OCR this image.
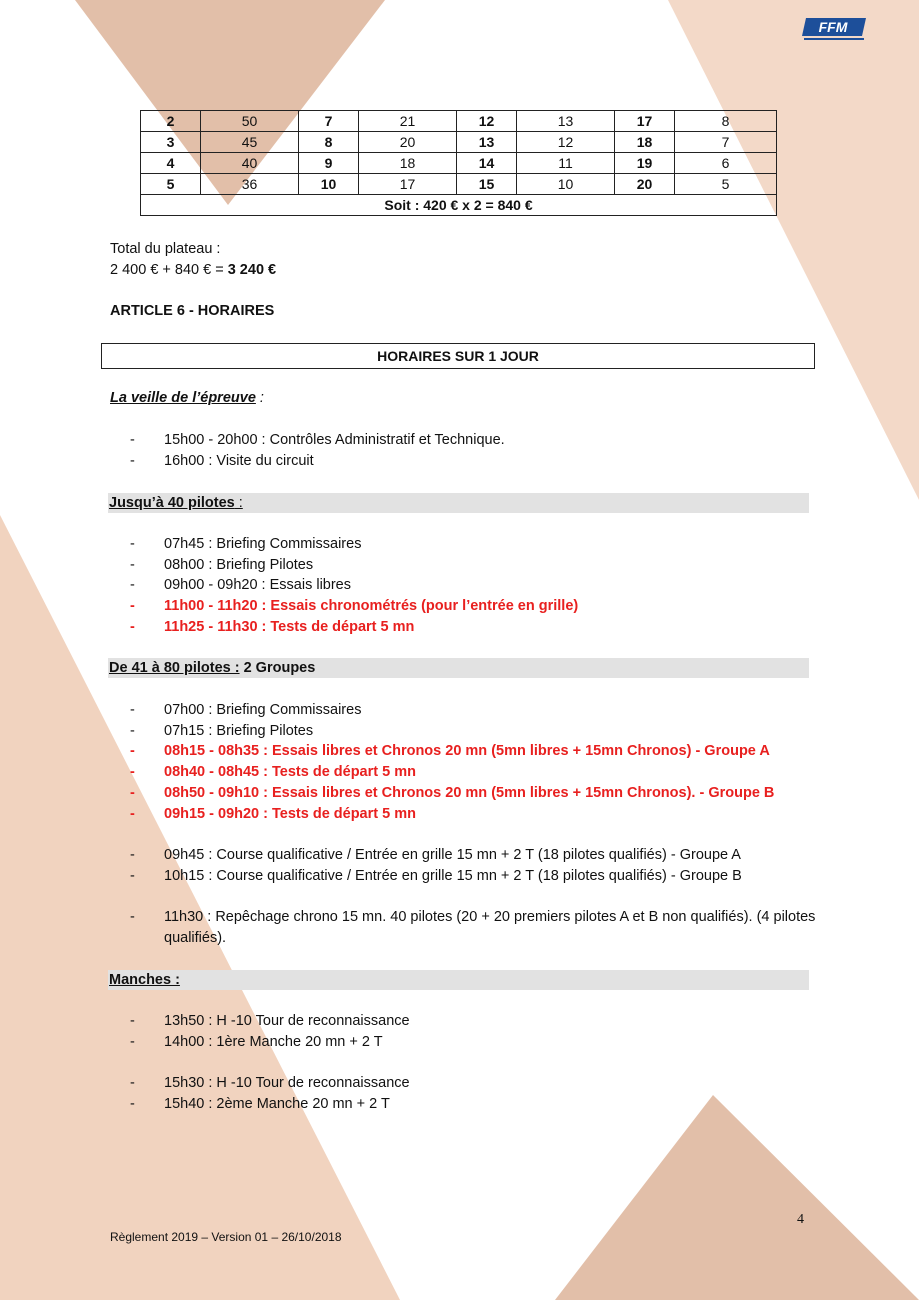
FFM
2	50	7	21	12	13	17	8
3	45	8	20	13	12	18	7
4	40	9	18	14	11	19	6
5	36	10	17	15	10	20	5
Soit : 420 € x 2 = 840 €							
Total du plateau :
2 400 € + 840 € = 3 240 €
ARTICLE 6 - HORAIRES
HORAIRES SUR 1 JOUR
La veille de l’épreuve :
- 15h00 - 20h00 : Contrôles Administratif et Technique.
- 16h00 : Visite du circuit
Jusqu’à 40 pilotes :
- 07h45 : Briefing Commissaires
- 08h00 : Briefing Pilotes
- 09h00 - 09h20 : Essais libres
- 11h00 - 11h20 : Essais chronométrés (pour l’entrée en grille)
- 11h25 - 11h30 : Tests de départ 5 mn
De 41 à 80 pilotes : 2 Groupes
- 07h00 : Briefing Commissaires
- 07h15 : Briefing Pilotes
- 08h15 - 08h35 : Essais libres et Chronos 20 mn (5mn libres + 15mn Chronos) - Groupe A
- 08h40 - 08h45 : Tests de départ 5 mn
- 08h50 - 09h10 : Essais libres et Chronos 20 mn (5mn libres + 15mn Chronos). - Groupe B
- 09h15 - 09h20 : Tests de départ 5 mn
- 09h45 : Course qualificative / Entrée en grille 15 mn + 2 T (18 pilotes qualifiés) - Groupe A
- 10h15 : Course qualificative / Entrée en grille 15 mn + 2 T (18 pilotes qualifiés) - Groupe B
- 11h30 : Repêchage chrono 15 mn. 40 pilotes (20 + 20 premiers pilotes A et B non qualifiés). (4 pilotes qualifiés).
Manches :
- 13h50 : H -10 Tour de reconnaissance
- 14h00 : 1ère Manche 20 mn + 2 T
- 15h30 : H -10 Tour de reconnaissance
- 15h40 : 2ème Manche 20 mn + 2 T
4
Règlement 2019 – Version 01 – 26/10/2018
